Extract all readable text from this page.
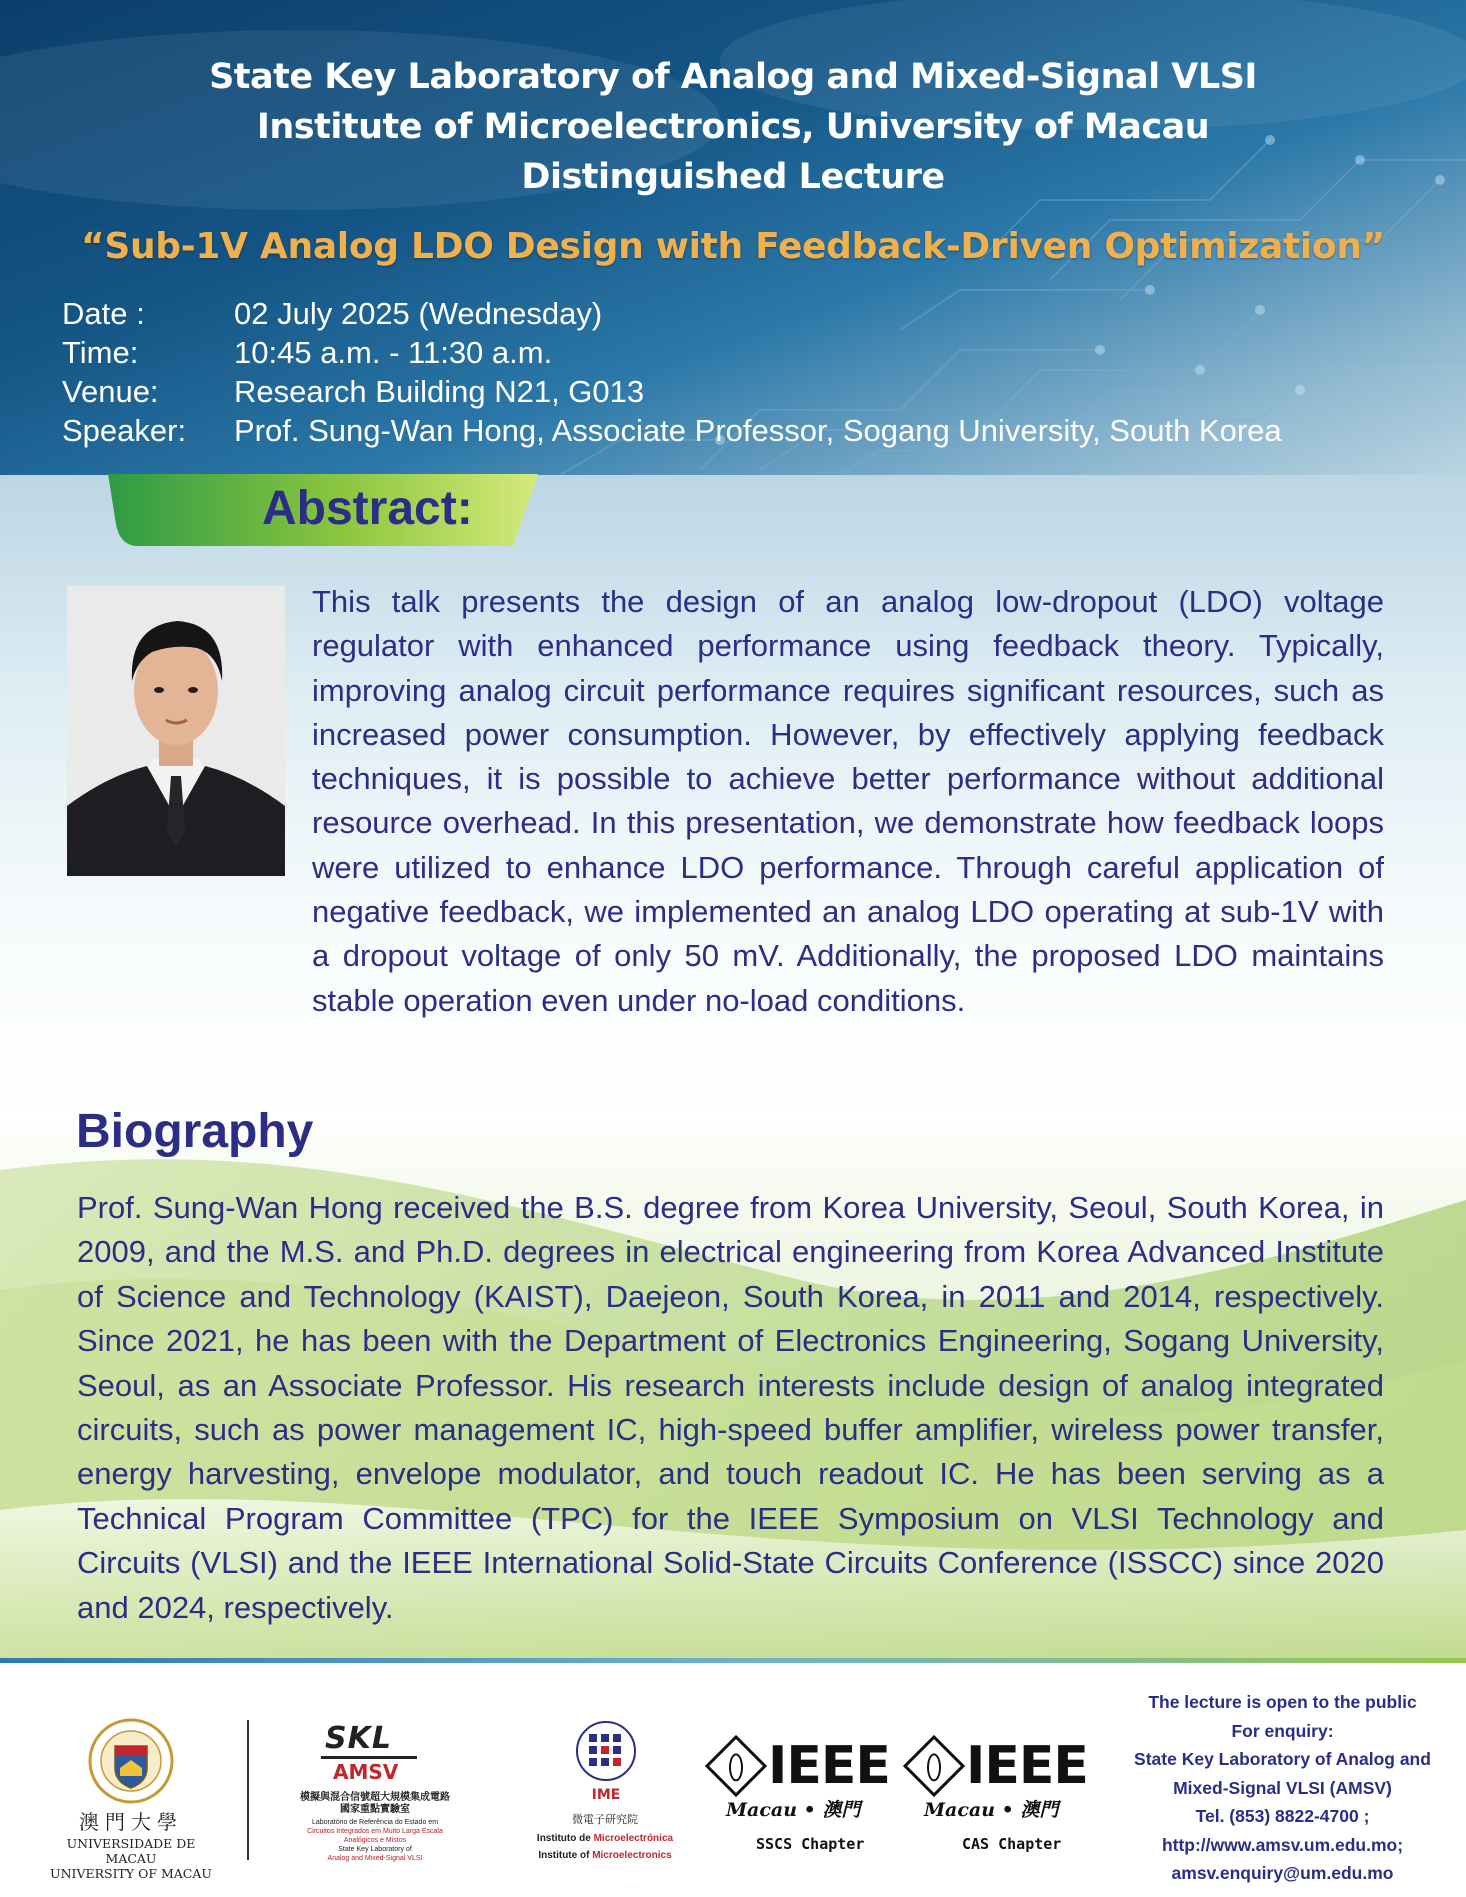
State Key Laboratory of Analog and Mixed-Signal VLSI
Institute of Microelectronics, University of Macau
Distinguished Lecture
“Sub-1V Analog LDO Design with Feedback-Driven Optimization”
Date :	02 July 2025 (Wednesday)
Time:	10:45 a.m. - 11:30 a.m.
Venue:	Research Building N21, G013
Speaker:	Prof. Sung-Wan Hong, Associate Professor, Sogang University, South Korea
Abstract:
This talk presents the design of an analog low-dropout (LDO) voltage regulator with enhanced performance using feedback theory. Typically, improving analog circuit performance requires significant resources, such as increased power consumption. However, by effectively applying feedback techniques, it is possible to achieve better performance without additional resource overhead. In this presentation, we demonstrate how feedback loops were utilized to enhance LDO performance. Through careful application of negative feedback, we implemented an analog LDO operating at sub-1V with a dropout voltage of only 50 mV. Additionally, the proposed LDO maintains stable operation even under no-load conditions.
Biography
Prof. Sung-Wan Hong received the B.S. degree from Korea University, Seoul, South Korea, in 2009, and the M.S. and Ph.D. degrees in electrical engineering from Korea Advanced Institute of Science and Technology (KAIST), Daejeon, South Korea, in 2011 and 2014, respectively. Since 2021, he has been with the Department of Electronics Engineering, Sogang University, Seoul, as an Associate Professor. His research interests include design of analog integrated circuits, such as power management IC, high-speed buffer amplifier, wireless power transfer, energy harvesting, envelope modulator, and touch readout IC. He has been serving as a Technical Program Committee (TPC) for the IEEE Symposium on VLSI Technology and Circuits (VLSI) and the IEEE International Solid-State Circuits Conference (ISSCC) since 2020 and 2024, respectively.
澳門大學
UNIVERSIDADE DE MACAU
UNIVERSITY OF MACAU
SKL
AMSV
模擬與混合信號超大規模集成電路
國家重點實驗室
Laboratório de Referência do Estado em
Circuitos Integrados em Muito Larga Escala
Analógicos e Mistos
State Key Laboratory of
Analog and Mixed-Signal VLSI
IME
微電子研究院
Instituto de Microelectrónica
Institute of Microelectronics
IEEE
Macau • 澳門
SSCS Chapter
IEEE
Macau • 澳門
CAS Chapter
The lecture is open to the public
For enquiry:
State Key Laboratory of Analog and
Mixed-Signal VLSI (AMSV)
Tel. (853) 8822-4700 ;
http://www.amsv.um.edu.mo;
amsv.enquiry@um.edu.mo
